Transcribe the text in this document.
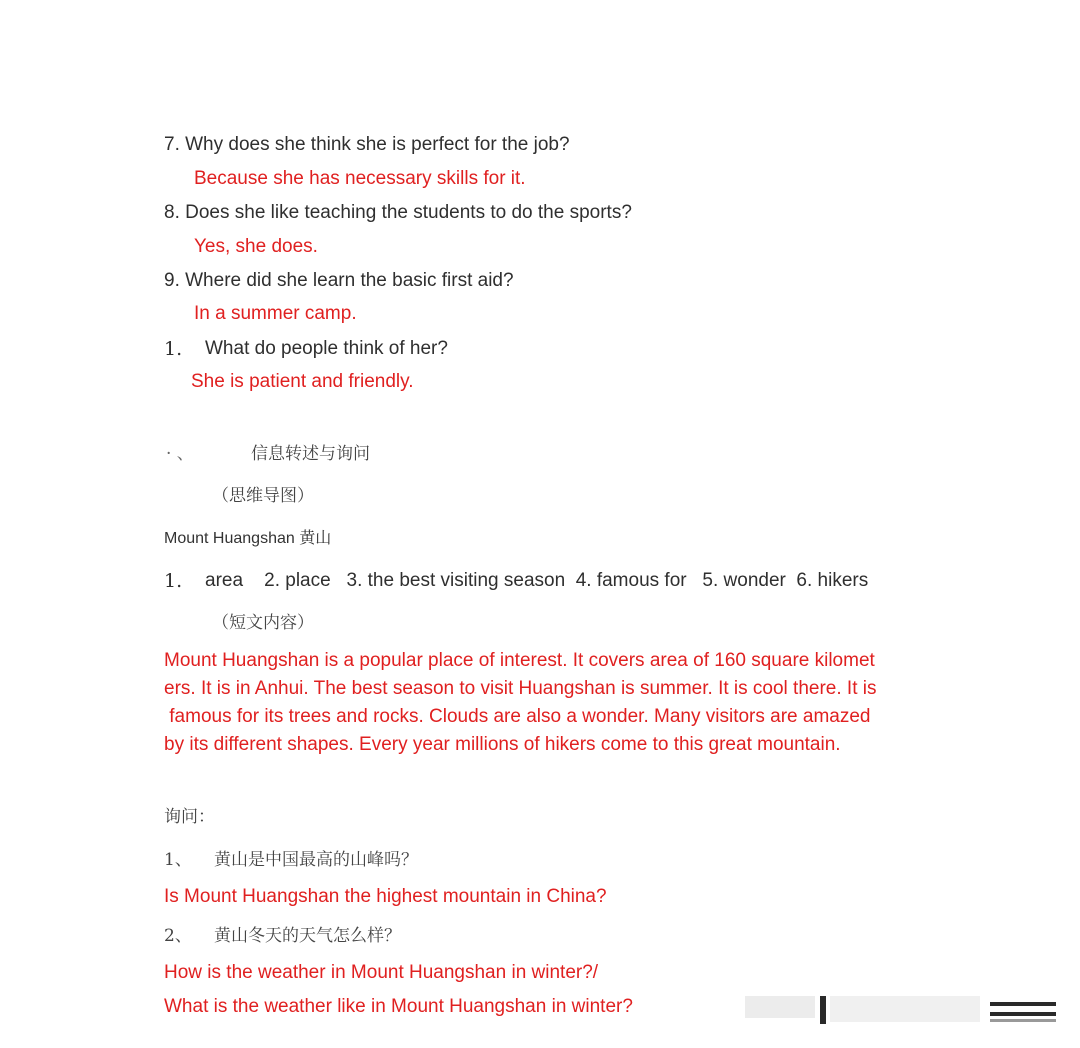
7. Why does she think she is perfect for the job?
Because she has necessary skills for it.
8. Does she like teaching the students to do the sports?
Yes, she does.
9. Where did she learn the basic first aid?
In a summer camp.
1. What do people think of her?
She is patient and friendly.
· 、	信息转述与询问
（思维导图）
Mount Huangshan 黄山
1. area    2. place   3. the best visiting season  4. famous for   5. wonder  6. hikers
（短文内容）
Mount Huangshan is a popular place of interest. It covers area of 160 square kilomet
ers. It is in Anhui. The best season to visit Huangshan is summer. It is cool there. It is
famous for its trees and rocks. Clouds are also a wonder. Many visitors are amazed
by its different shapes. Every year millions of hikers come to this great mountain.
询问：
1、 黄山是中国最高的山峰吗？
Is Mount Huangshan the highest mountain in China?
2、 黄山冬天的天气怎么样？
How is the weather in Mount Huangshan in winter?/
What is the weather like in Mount Huangshan in winter?
